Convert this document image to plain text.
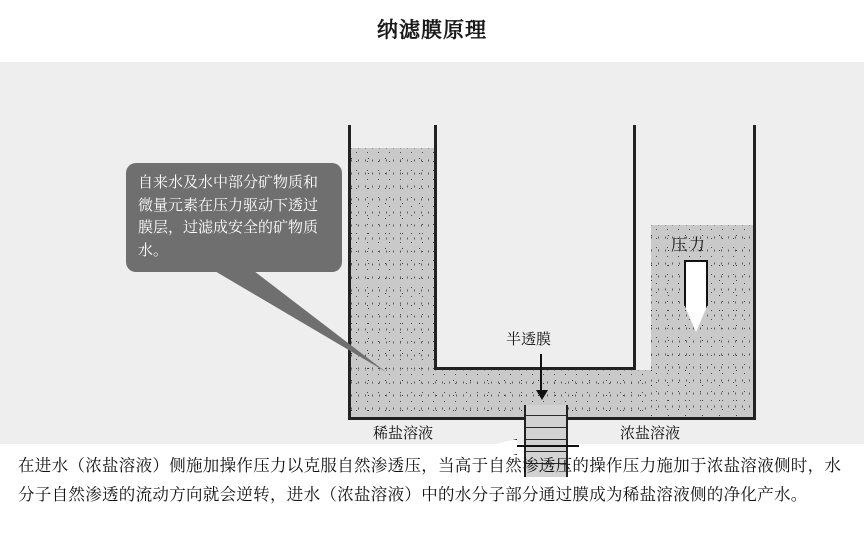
纳滤膜原理
半透膜
压力
稀盐溶液	浓盐溶液
自来水及水中部分矿物质和微量元素在压力驱动下透过膜层，过滤成安全的矿物质水。
在进水（浓盐溶液）侧施加操作压力以克服自然渗透压，当高于自然渗透压的操作压力施加于浓盐溶液侧时，水分子自然渗透的流动方向就会逆转，进水（浓盐溶液）中的水分子部分通过膜成为稀盐溶液侧的净化产水。
